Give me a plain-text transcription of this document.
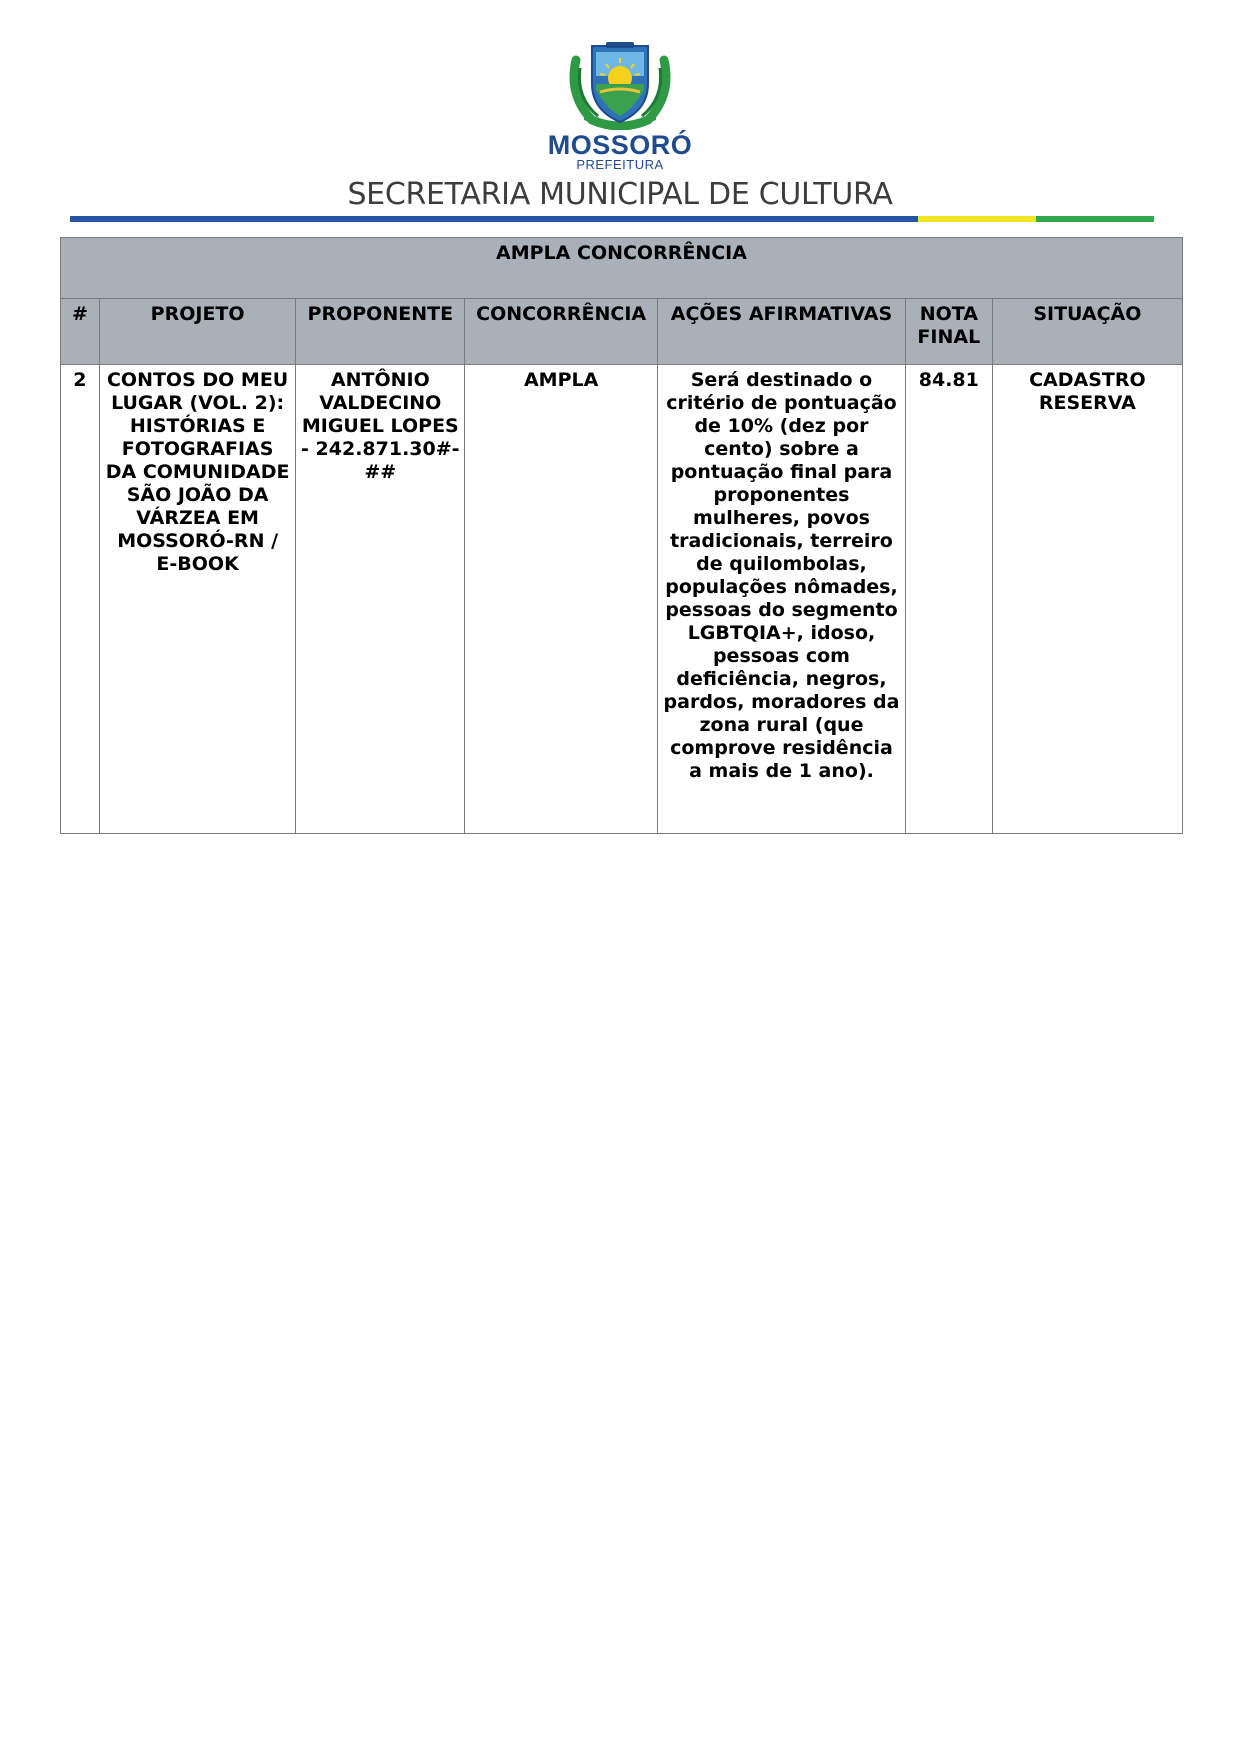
MOSSORÓ
PREFEITURA
SECRETARIA MUNICIPAL DE CULTURA
AMPLA CONCORRÊNCIA						
#	PROJETO	PROPONENTE	CONCORRÊNCIA	AÇÕES AFIRMATIVAS	NOTA FINAL	SITUAÇÃO
2	CONTOS DO MEU LUGAR (VOL. 2): HISTÓRIAS E FOTOGRAFIAS DA COMUNIDADE SÃO JOÃO DA VÁRZEA EM MOSSORÓ-RN / E-BOOK	ANTÔNIO VALDECINO MIGUEL LOPES - 242.871.30#-##	AMPLA	Será destinado o critério de pontuação de 10% (dez por cento) sobre a pontuação final para proponentes mulheres, povos tradicionais, terreiro de quilombolas, populações nômades, pessoas do segmento LGBTQIA+, idoso, pessoas com deficiência, negros, pardos, moradores da zona rural (que comprove residência a mais de 1 ano).	84.81	CADASTRO RESERVA
